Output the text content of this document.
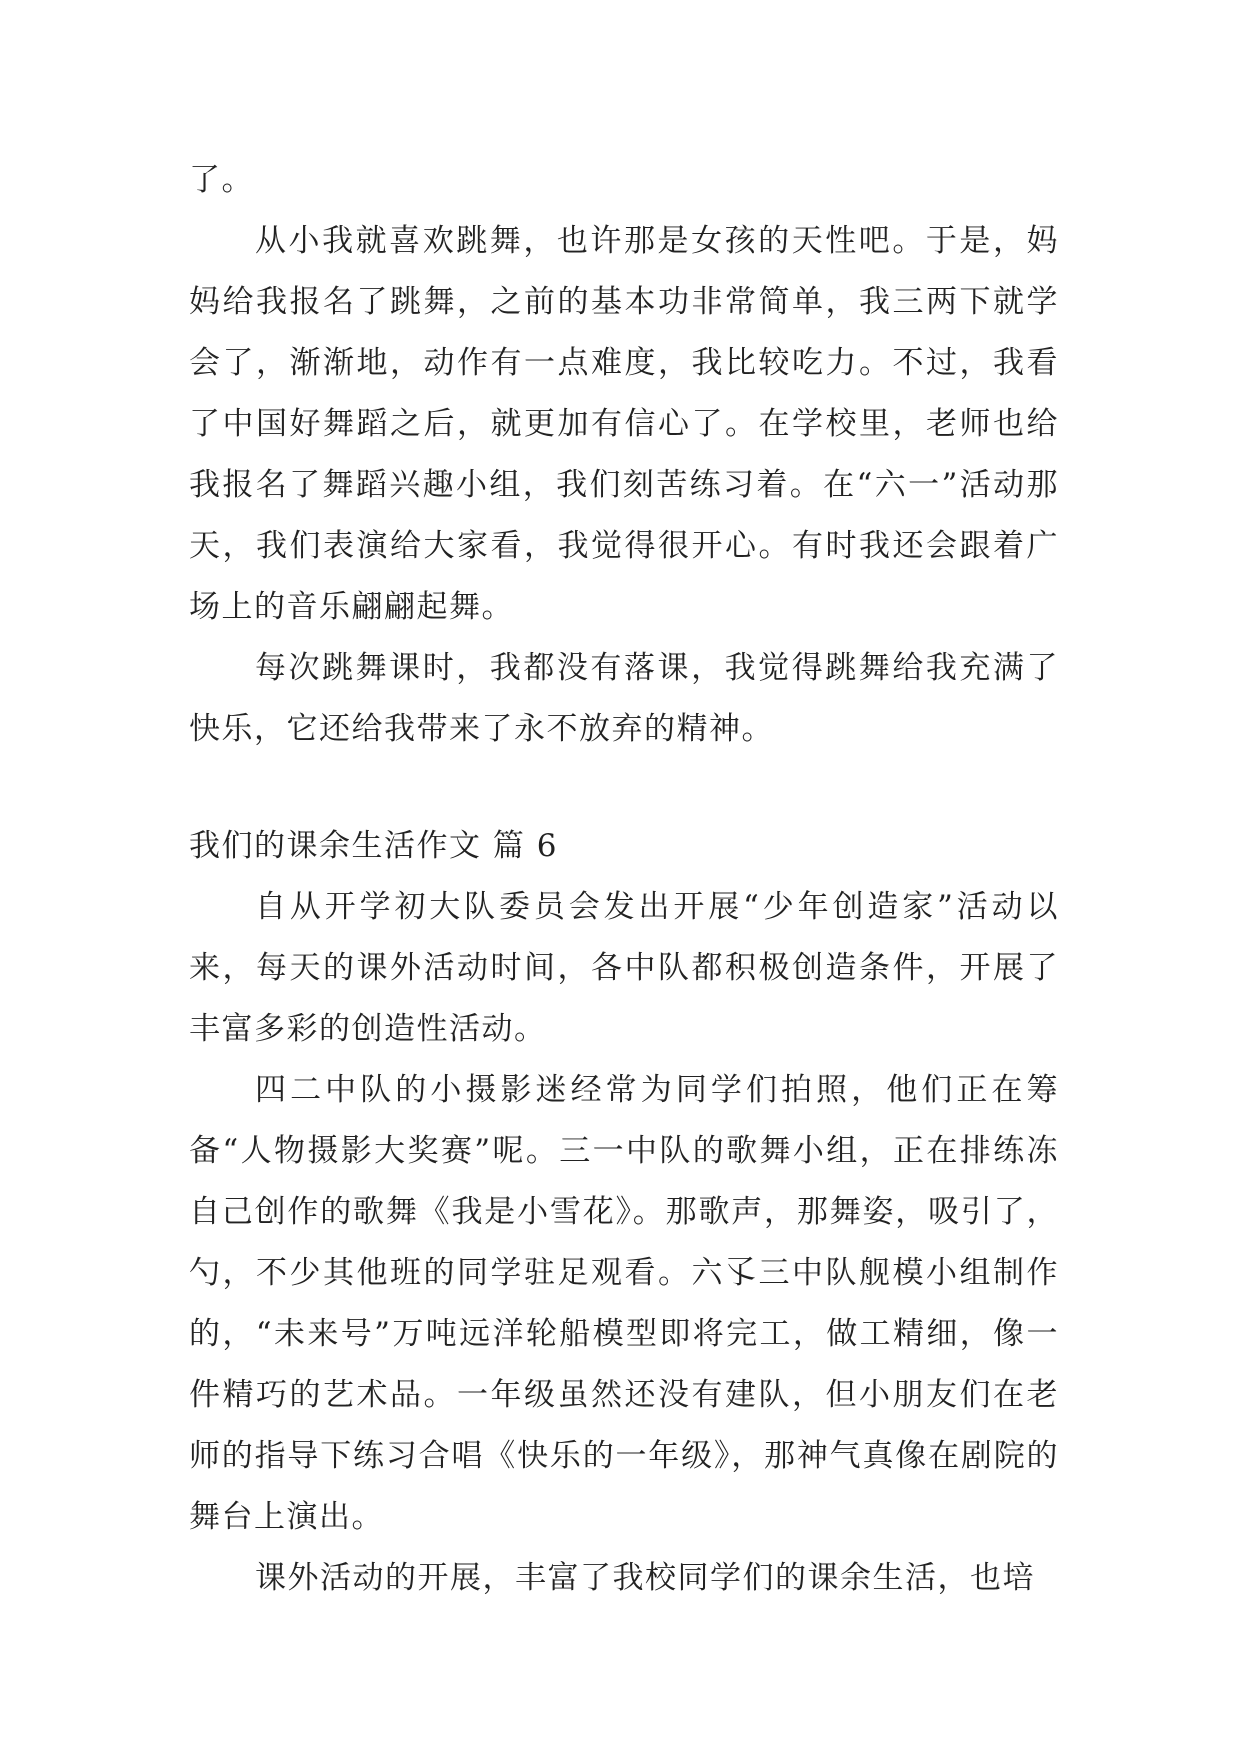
了。

从小我就喜欢跳舞，也许那是女孩的天性吧。于是，妈妈给我报名了跳舞，之前的基本功非常简单，我三两下就学会了，渐渐地，动作有一点难度，我比较吃力。不过，我看了中国好舞蹈之后，就更加有信心了。在学校里，老师也给我报名了舞蹈兴趣小组，我们刻苦练习着。在“六一”活动那天，我们表演给大家看，我觉得很开心。有时我还会跟着广场上的音乐翩翩起舞。

每次跳舞课时，我都没有落课，我觉得跳舞给我充满了快乐，它还给我带来了永不放弃的精神。

我们的课余生活作文 篇 6

自从开学初大队委员会发出开展“少年创造家”活动以来，每天的课外活动时间，各中队都积极创造条件，开展了丰富多彩的创造性活动。

四二中队的小摄影迷经常为同学们拍照，他们正在筹备“人物摄影大奖赛”呢。三一中队的歌舞小组，正在排练冻自己创作的歌舞《我是小雪花》。那歌声，那舞姿，吸引了，勺，不少其他班的同学驻足观看。六孓三中队舰模小组制作的，“未来号”万吨远洋轮船模型即将完工，做工精细，像一件精巧的艺术品。一年级虽然还没有建队，但小朋友们在老师的指导下练习合唱《快乐的一年级》，那神气真像在剧院的舞台上演出。

课外活动的开展，丰富了我校同学们的课余生活，也培
